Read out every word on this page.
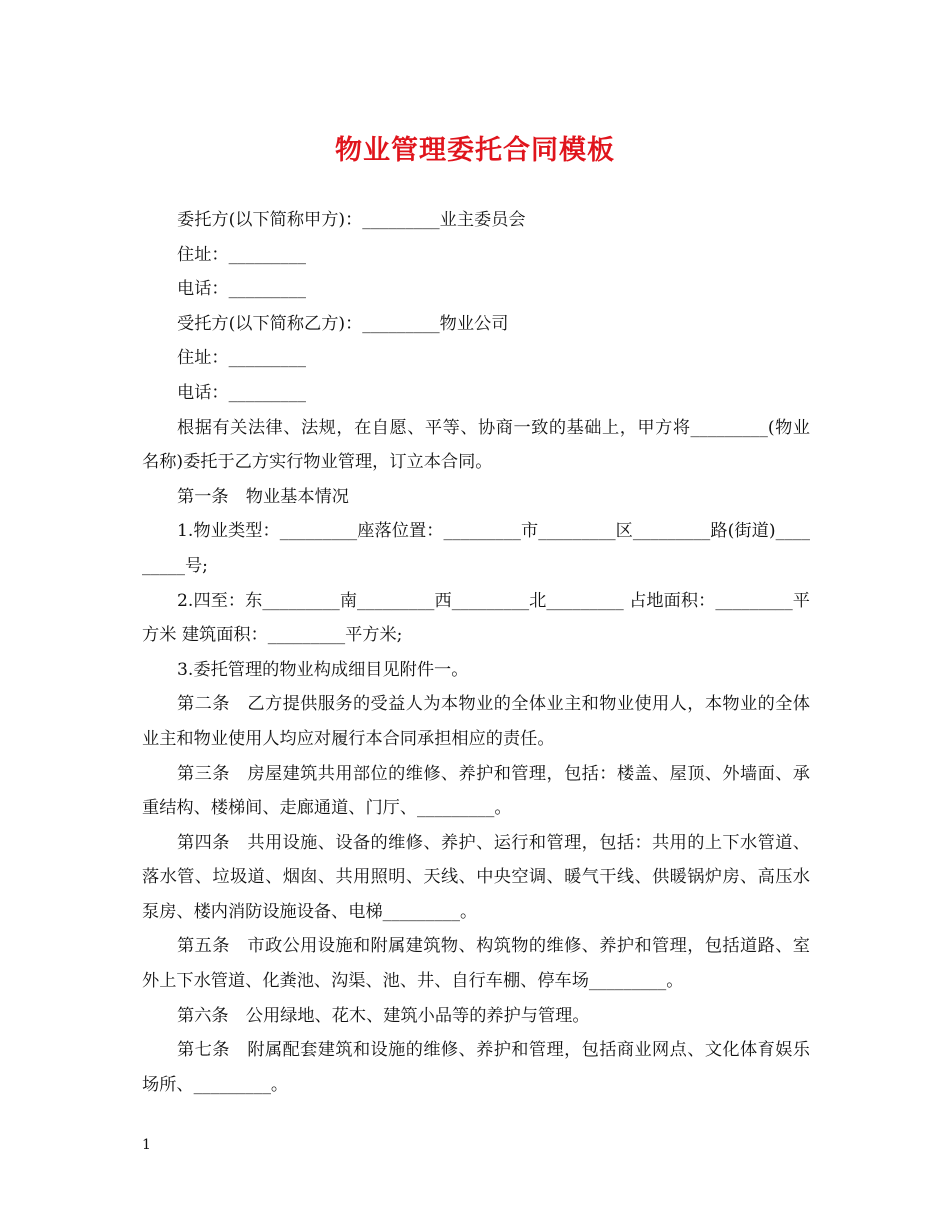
物业管理委托合同模板

委托方(以下简称甲方)：_________业主委员会

住址：_________

电话：_________

受托方(以下简称乙方)：_________物业公司

住址：_________

电话：_________

根据有关法律、法规，在自愿、平等、协商一致的基础上，甲方将_________(物业名称)委托于乙方实行物业管理，订立本合同。

第一条　物业基本情况

1.物业类型：_________座落位置：_________市_________区_________路(街道)_________号;

2.四至：东_________南_________西_________北_________ 占地面积：_________平方米 建筑面积：_________平方米;

3.委托管理的物业构成细目见附件一。

第二条　乙方提供服务的受益人为本物业的全体业主和物业使用人，本物业的全体业主和物业使用人均应对履行本合同承担相应的责任。

第三条　房屋建筑共用部位的维修、养护和管理，包括：楼盖、屋顶、外墙面、承重结构、楼梯间、走廊通道、门厅、_________。

第四条　共用设施、设备的维修、养护、运行和管理，包括：共用的上下水管道、落水管、垃圾道、烟囱、共用照明、天线、中央空调、暖气干线、供暖锅炉房、高压水泵房、楼内消防设施设备、电梯_________。

第五条　市政公用设施和附属建筑物、构筑物的维修、养护和管理，包括道路、室外上下水管道、化粪池、沟渠、池、井、自行车棚、停车场_________。

第六条　公用绿地、花木、建筑小品等的养护与管理。

第七条　附属配套建筑和设施的维修、养护和管理，包括商业网点、文化体育娱乐场所、_________。

1
